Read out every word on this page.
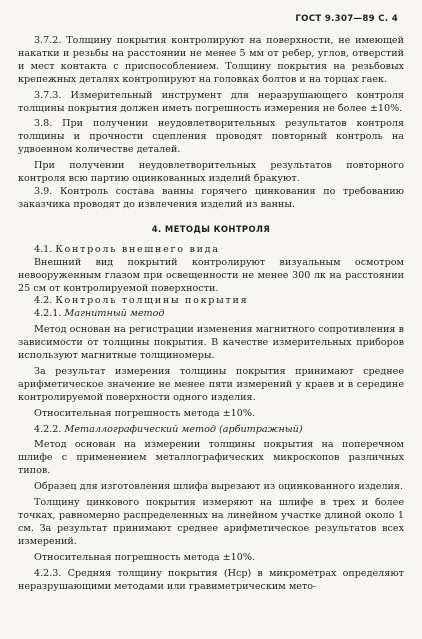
ГОСТ 9.307—89 С. 4

3.7.2. Толщину покрытия контролируют на поверхности, не имеющей накатки и резьбы на расстоянии не менее 5 мм от ребер, углов, отверстий и мест контакта с приспособлением. Толщину покрытия на резьбовых крепежных деталях контролируют на головках болтов и на торцах гаек.

3.7.3. Измерительный инструмент для неразрушающего контроля толщины покрытия должен иметь погрешность измерения не более ±10%.

3.8. При получении неудовлетворительных результатов контроля толщины и прочности сцепления проводят повторный контроль на удвоенном количестве деталей.

При получении неудовлетворительных результатов повторного контроля всю партию оцинкованных изделий бракуют.

3.9. Контроль состава ванны горячего цинкования по требованию заказчика проводят до извлечения изделий из ванны.

4. МЕТОДЫ КОНТРОЛЯ

4.1. Контроль внешнего вида

Внешний вид покрытий контролируют визуальным осмотром невооруженным глазом при освещенности не менее 300 лк на расстоянии 25 см от контролируемой поверхности.

4.2. Контроль толщины покрытия

4.2.1. Магнитный метод

Метод основан на регистрации изменения магнитного сопротивления в зависимости от толщины покрытия. В качестве измерительных приборов используют магнитные толщиномеры.

За результат измерения толщины покрытия принимают среднее арифметическое значение не менее пяти измерений у краев и в середине контролируемой поверхности одного изделия.

Относительная погрешность метода ±10%.

4.2.2. Металлографический метод (арбитражный)

Метод основан на измерении толщины покрытия на поперечном шлифе с применением металлографических микроскопов различных типов.

Образец для изготовления шлифа вырезают из оцинкованного изделия.

Толщину цинкового покрытия измеряют на шлифе в трех и более точках, равномерно распределенных на линейном участке длиной около 1 см. За результат принимают среднее арифметическое результатов всех измерений.

Относительная погрешность метода ±10%.

4.2.3. Средняя толщину покрытия (Hср) в микрометрах определяют неразрушающими методами или гравиметрическим мето-
